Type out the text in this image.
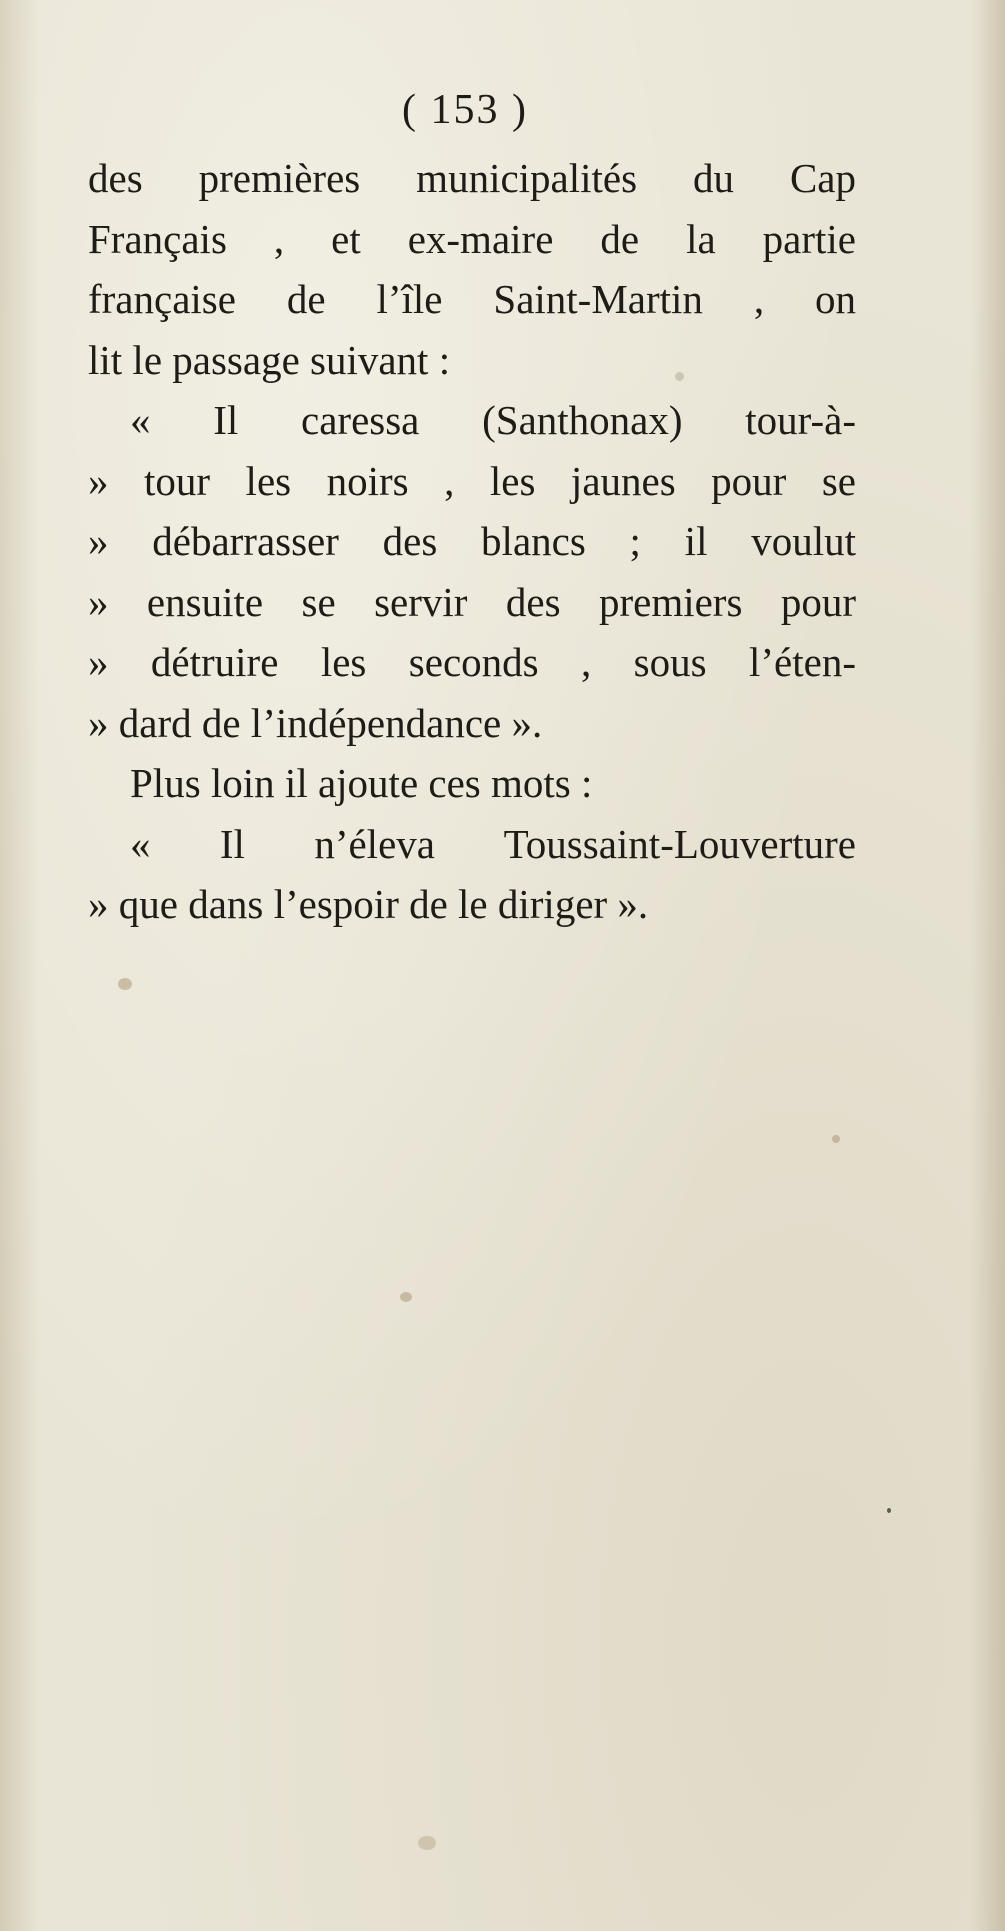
( 153 )
des premières municipalités du Cap
Français , et ex-maire de la partie
française de l’île Saint-Martin , on
lit le passage suivant :
« Il caressa (Santhonax) tour-à-
» tour les noirs , les jaunes pour se
» débarrasser des blancs ; il voulut
» ensuite se servir des premiers pour
» détruire les seconds , sous l’éten-
» dard de l’indépendance ».
Plus loin il ajoute ces mots :
« Il n’éleva Toussaint-Louverture
» que dans l’espoir de le diriger ».
